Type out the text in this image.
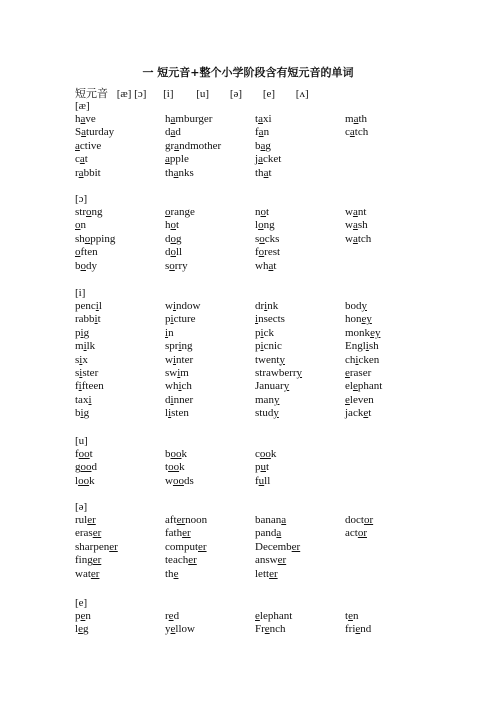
一 短元音+整个小学阶段含有短元音的单词
短元音 [æ] [ɔ] [i] [u] [ə] [e] [ʌ]
[æ]
have	hamburger	taxi	math
Saturday	dad	fan	catch
active	grandmother	bag
cat	apple	jacket
rabbit	thanks	that
[ɔ]
strong	orange	not	want
on	hot	long	wash
shopping	dog	socks	watch
often	doll	forest
body	sorry	what
[i]
pencil	window	drink	body
rabbit	picture	insects	honey
pig	in	pick	monkey
milk	spring	picnic	English
six	winter	twenty	chicken
sister	swim	strawberry	eraser
fifteen	which	January	elephant
taxi	dinner	many	eleven
big	listen	study	jacket
[u]
foot	book	cook
good	took	put
look	woods	full
[ə]
ruler	afternoon	banana	doctor
eraser	father	panda	actor
sharpener	computer	December
finger	teacher	answer
water	the	letter
[e]
pen	red	elephant	ten
leg	yellow	French	friend
